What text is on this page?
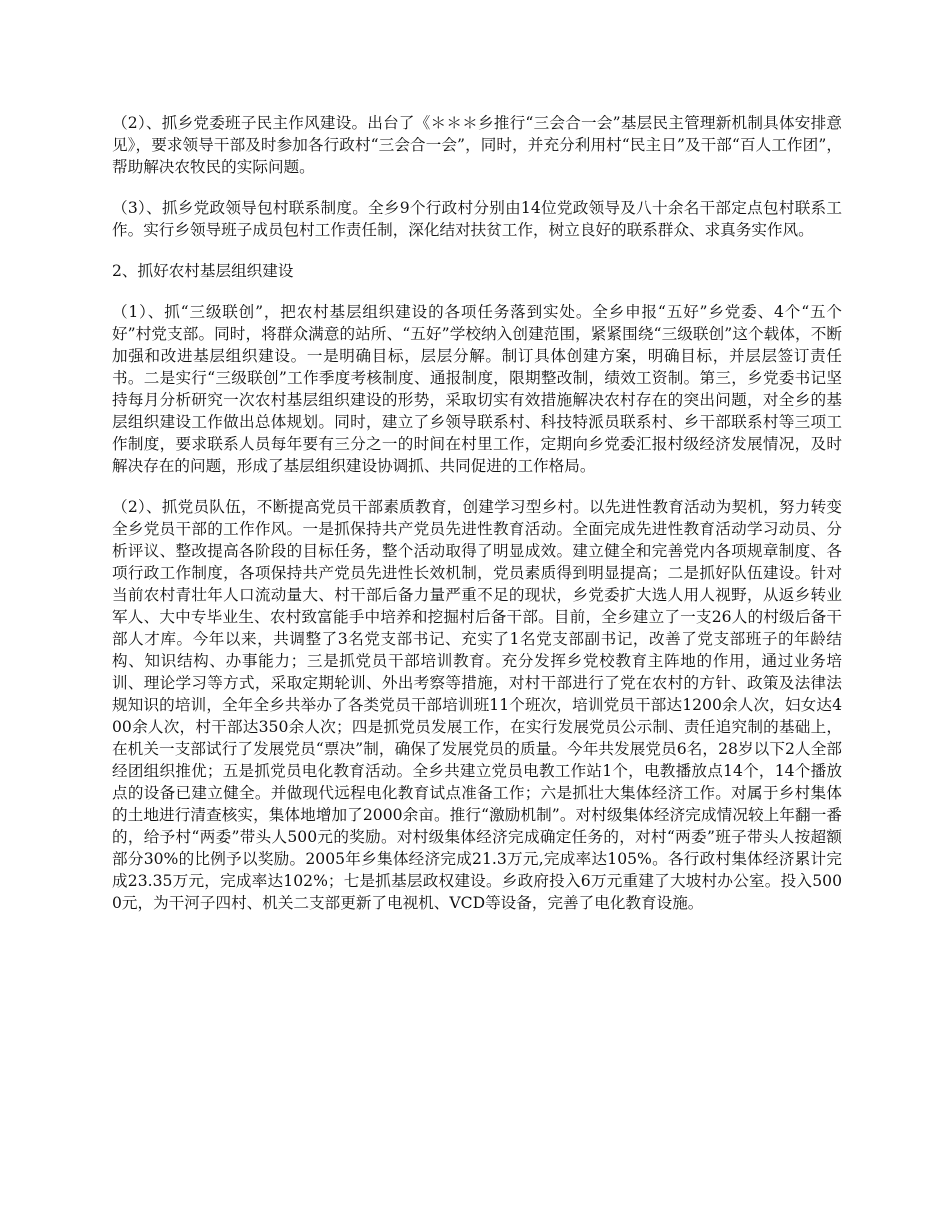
（2）、抓乡党委班子民主作风建设。出台了《＊＊＊乡推行“三会合一会”基层民主管理新机制具体安排意见》，要求领导干部及时参加各行政村“三会合一会”，同时，并充分利用村“民主日”及干部“百人工作团”，帮助解决农牧民的实际问题。

（3）、抓乡党政领导包村联系制度。全乡9个行政村分别由14位党政领导及八十余名干部定点包村联系工作。实行乡领导班子成员包村工作责任制，深化结对扶贫工作，树立良好的联系群众、求真务实作风。

2、抓好农村基层组织建设

（1）、抓“三级联创”，把农村基层组织建设的各项任务落到实处。全乡申报“五好”乡党委、4个“五个好”村党支部。同时，将群众满意的站所、“五好”学校纳入创建范围，紧紧围绕“三级联创”这个载体，不断加强和改进基层组织建设。一是明确目标，层层分解。制订具体创建方案，明确目标，并层层签订责任书。二是实行“三级联创”工作季度考核制度、通报制度，限期整改制，绩效工资制。第三，乡党委书记坚持每月分析研究一次农村基层组织建设的形势，采取切实有效措施解决农村存在的突出问题，对全乡的基层组织建设工作做出总体规划。同时，建立了乡领导联系村、科技特派员联系村、乡干部联系村等三项工作制度，要求联系人员每年要有三分之一的时间在村里工作，定期向乡党委汇报村级经济发展情况，及时解决存在的问题，形成了基层组织建设协调抓、共同促进的工作格局。

（2）、抓党员队伍，不断提高党员干部素质教育，创建学习型乡村。以先进性教育活动为契机，努力转变全乡党员干部的工作作风。一是抓保持共产党员先进性教育活动。全面完成先进性教育活动学习动员、分析评议、整改提高各阶段的目标任务，整个活动取得了明显成效。建立健全和完善党内各项规章制度、各项行政工作制度，各项保持共产党员先进性长效机制，党员素质得到明显提高；二是抓好队伍建设。针对当前农村青壮年人口流动量大、村干部后备力量严重不足的现状，乡党委扩大选人用人视野，从返乡转业军人、大中专毕业生、农村致富能手中培养和挖掘村后备干部。目前，全乡建立了一支26人的村级后备干部人才库。今年以来，共调整了3名党支部书记、充实了1名党支部副书记，改善了党支部班子的年龄结构、知识结构、办事能力；三是抓党员干部培训教育。充分发挥乡党校教育主阵地的作用，通过业务培训、理论学习等方式，采取定期轮训、外出考察等措施，对村干部进行了党在农村的方针、政策及法律法规知识的培训，全年全乡共举办了各类党员干部培训班11个班次，培训党员干部达1200余人次，妇女达400余人次，村干部达350余人次；四是抓党员发展工作，在实行发展党员公示制、责任追究制的基础上，在机关一支部试行了发展党员“票决”制，确保了发展党员的质量。今年共发展党员6名，28岁以下2人全部经团组织推优；五是抓党员电化教育活动。全乡共建立党员电教工作站1个，电教播放点14个，14个播放点的设备已建立健全。并做现代远程电化教育试点准备工作；六是抓壮大集体经济工作。对属于乡村集体的土地进行清查核实，集体地增加了2000余亩。推行“激励机制”。对村级集体经济完成情况较上年翻一番的，给予村“两委”带头人500元的奖励。对村级集体经济完成确定任务的，对村“两委”班子带头人按超额部分30%的比例予以奖励。2005年乡集体经济完成21.3万元,完成率达105%。各行政村集体经济累计完成23.35万元，完成率达102%；七是抓基层政权建设。乡政府投入6万元重建了大坡村办公室。投入5000元，为干河子四村、机关二支部更新了电视机、VCD等设备，完善了电化教育设施。
